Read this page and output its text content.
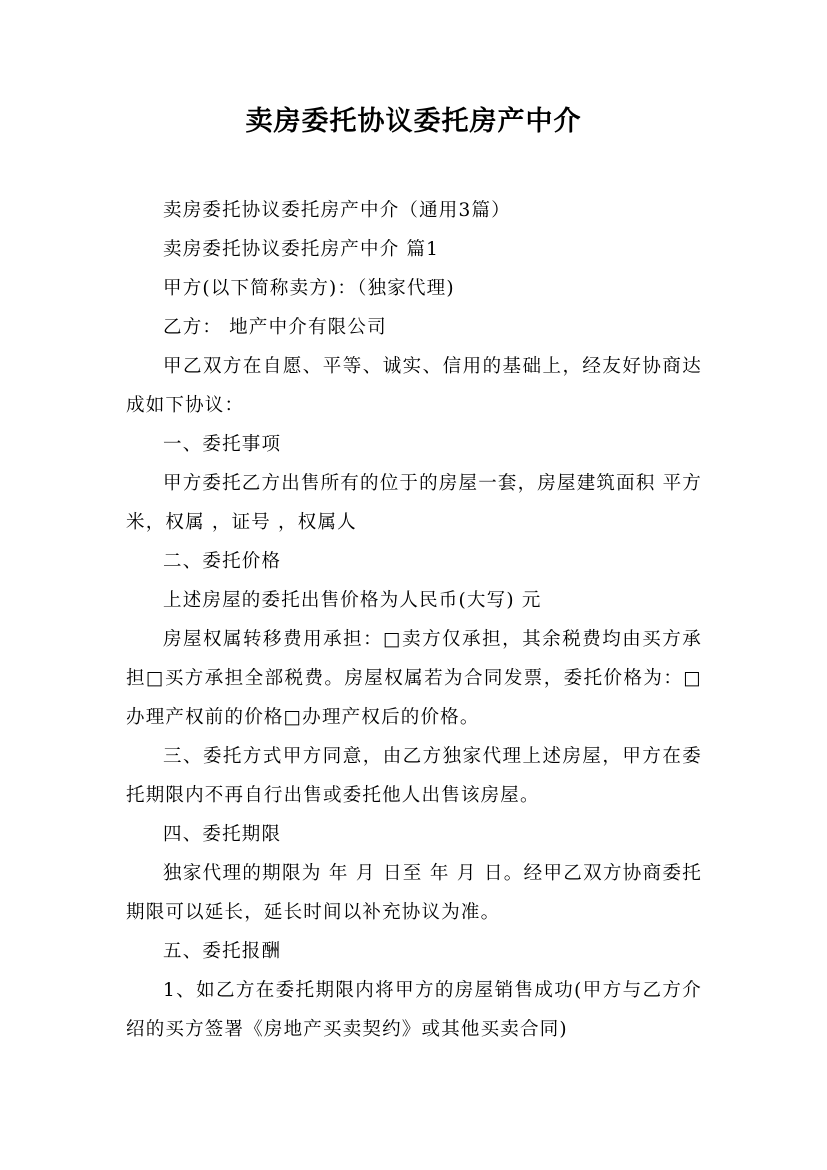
卖房委托协议委托房产中介

卖房委托协议委托房产中介（通用3篇）

卖房委托协议委托房产中介 篇1

甲方(以下简称卖方)：（独家代理)

乙方： 地产中介有限公司

甲乙双方在自愿、平等、诚实、信用的基础上，经友好协商达成如下协议：

一、委托事项

甲方委托乙方出售所有的位于的房屋一套，房屋建筑面积 平方米，权属 ，证号 ，权属人

二、委托价格

上述房屋的委托出售价格为人民币(大写) 元

房屋权属转移费用承担：□卖方仅承担，其余税费均由买方承担□买方承担全部税费。房屋权属若为合同发票，委托价格为：□办理产权前的价格□办理产权后的价格。

三、委托方式甲方同意，由乙方独家代理上述房屋，甲方在委托期限内不再自行出售或委托他人出售该房屋。

四、委托期限

独家代理的期限为 年 月 日至 年 月 日。经甲乙双方协商委托期限可以延长，延长时间以补充协议为准。

五、委托报酬

1、如乙方在委托期限内将甲方的房屋销售成功(甲方与乙方介绍的买方签署《房地产买卖契约》或其他买卖合同)
